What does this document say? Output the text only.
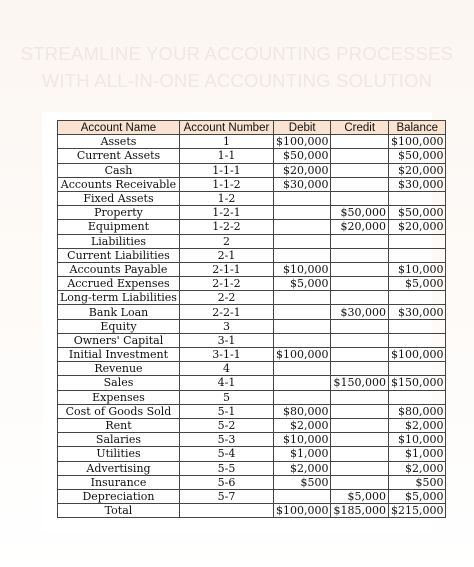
STREAMLINE YOUR ACCOUNTING PROCESSES
WITH ALL-IN-ONE ACCOUNTING SOLUTION
Account Name	Account Number	Debit	Credit	Balance
Assets	1	$100,000		$100,000
Current Assets	1-1	$50,000		$50,000
Cash	1-1-1	$20,000		$20,000
Accounts Receivable	1-1-2	$30,000		$30,000
Fixed Assets	1-2			
Property	1-2-1		$50,000	$50,000
Equipment	1-2-2		$20,000	$20,000
Liabilities	2			
Current Liabilities	2-1			
Accounts Payable	2-1-1	$10,000		$10,000
Accrued Expenses	2-1-2	$5,000		$5,000
Long-term Liabilities	2-2			
Bank Loan	2-2-1		$30,000	$30,000
Equity	3			
Owners' Capital	3-1			
Initial Investment	3-1-1	$100,000		$100,000
Revenue	4			
Sales	4-1		$150,000	$150,000
Expenses	5			
Cost of Goods Sold	5-1	$80,000		$80,000
Rent	5-2	$2,000		$2,000
Salaries	5-3	$10,000		$10,000
Utilities	5-4	$1,000		$1,000
Advertising	5-5	$2,000		$2,000
Insurance	5-6	$500		$500
Depreciation	5-7		$5,000	$5,000
Total		$100,000	$185,000	$215,000
